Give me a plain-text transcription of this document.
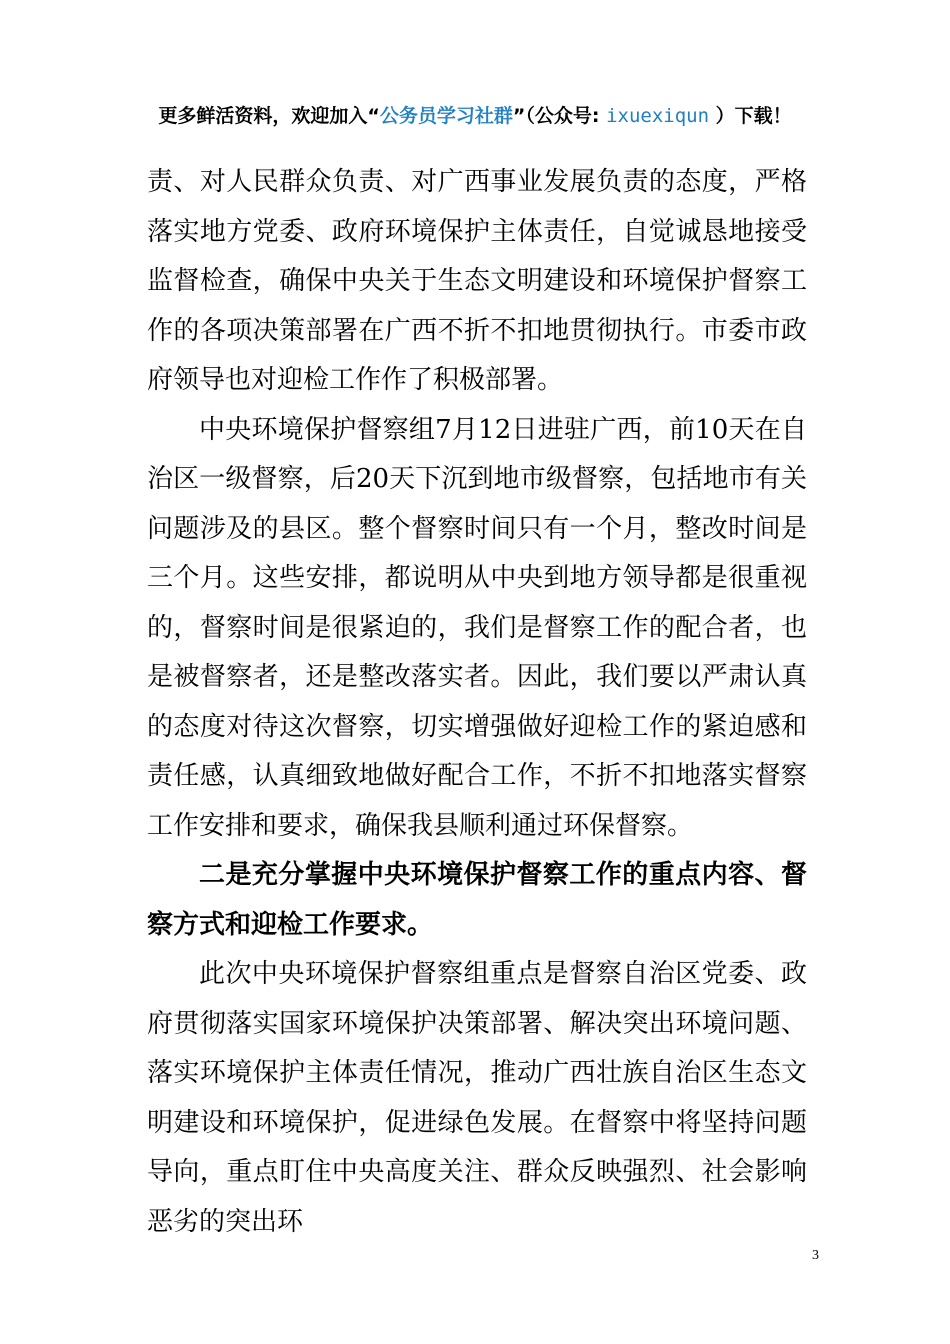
更多鲜活资料，欢迎加入“公务员学习社群”（公众号: ixuexiqun ）下载！

责、对人民群众负责、对广西事业发展负责的态度，严格落实地方党委、政府环境保护主体责任，自觉诚恳地接受监督检查，确保中央关于生态文明建设和环境保护督察工作的各项决策部署在广西不折不扣地贯彻执行。市委市政府领导也对迎检工作作了积极部署。

中央环境保护督察组7月12日进驻广西，前10天在自治区一级督察，后20天下沉到地市级督察，包括地市有关问题涉及的县区。整个督察时间只有一个月，整改时间是三个月。这些安排，都说明从中央到地方领导都是很重视的，督察时间是很紧迫的，我们是督察工作的配合者，也是被督察者，还是整改落实者。因此，我们要以严肃认真的态度对待这次督察，切实增强做好迎检工作的紧迫感和责任感，认真细致地做好配合工作，不折不扣地落实督察工作安排和要求，确保我县顺利通过环保督察。

二是充分掌握中央环境保护督察工作的重点内容、督察方式和迎检工作要求。

此次中央环境保护督察组重点是督察自治区党委、政府贯彻落实国家环境保护决策部署、解决突出环境问题、落实环境保护主体责任情况，推动广西壮族自治区生态文明建设和环境保护，促进绿色发展。在督察中将坚持问题导向，重点盯住中央高度关注、群众反映强烈、社会影响恶劣的突出环

3
